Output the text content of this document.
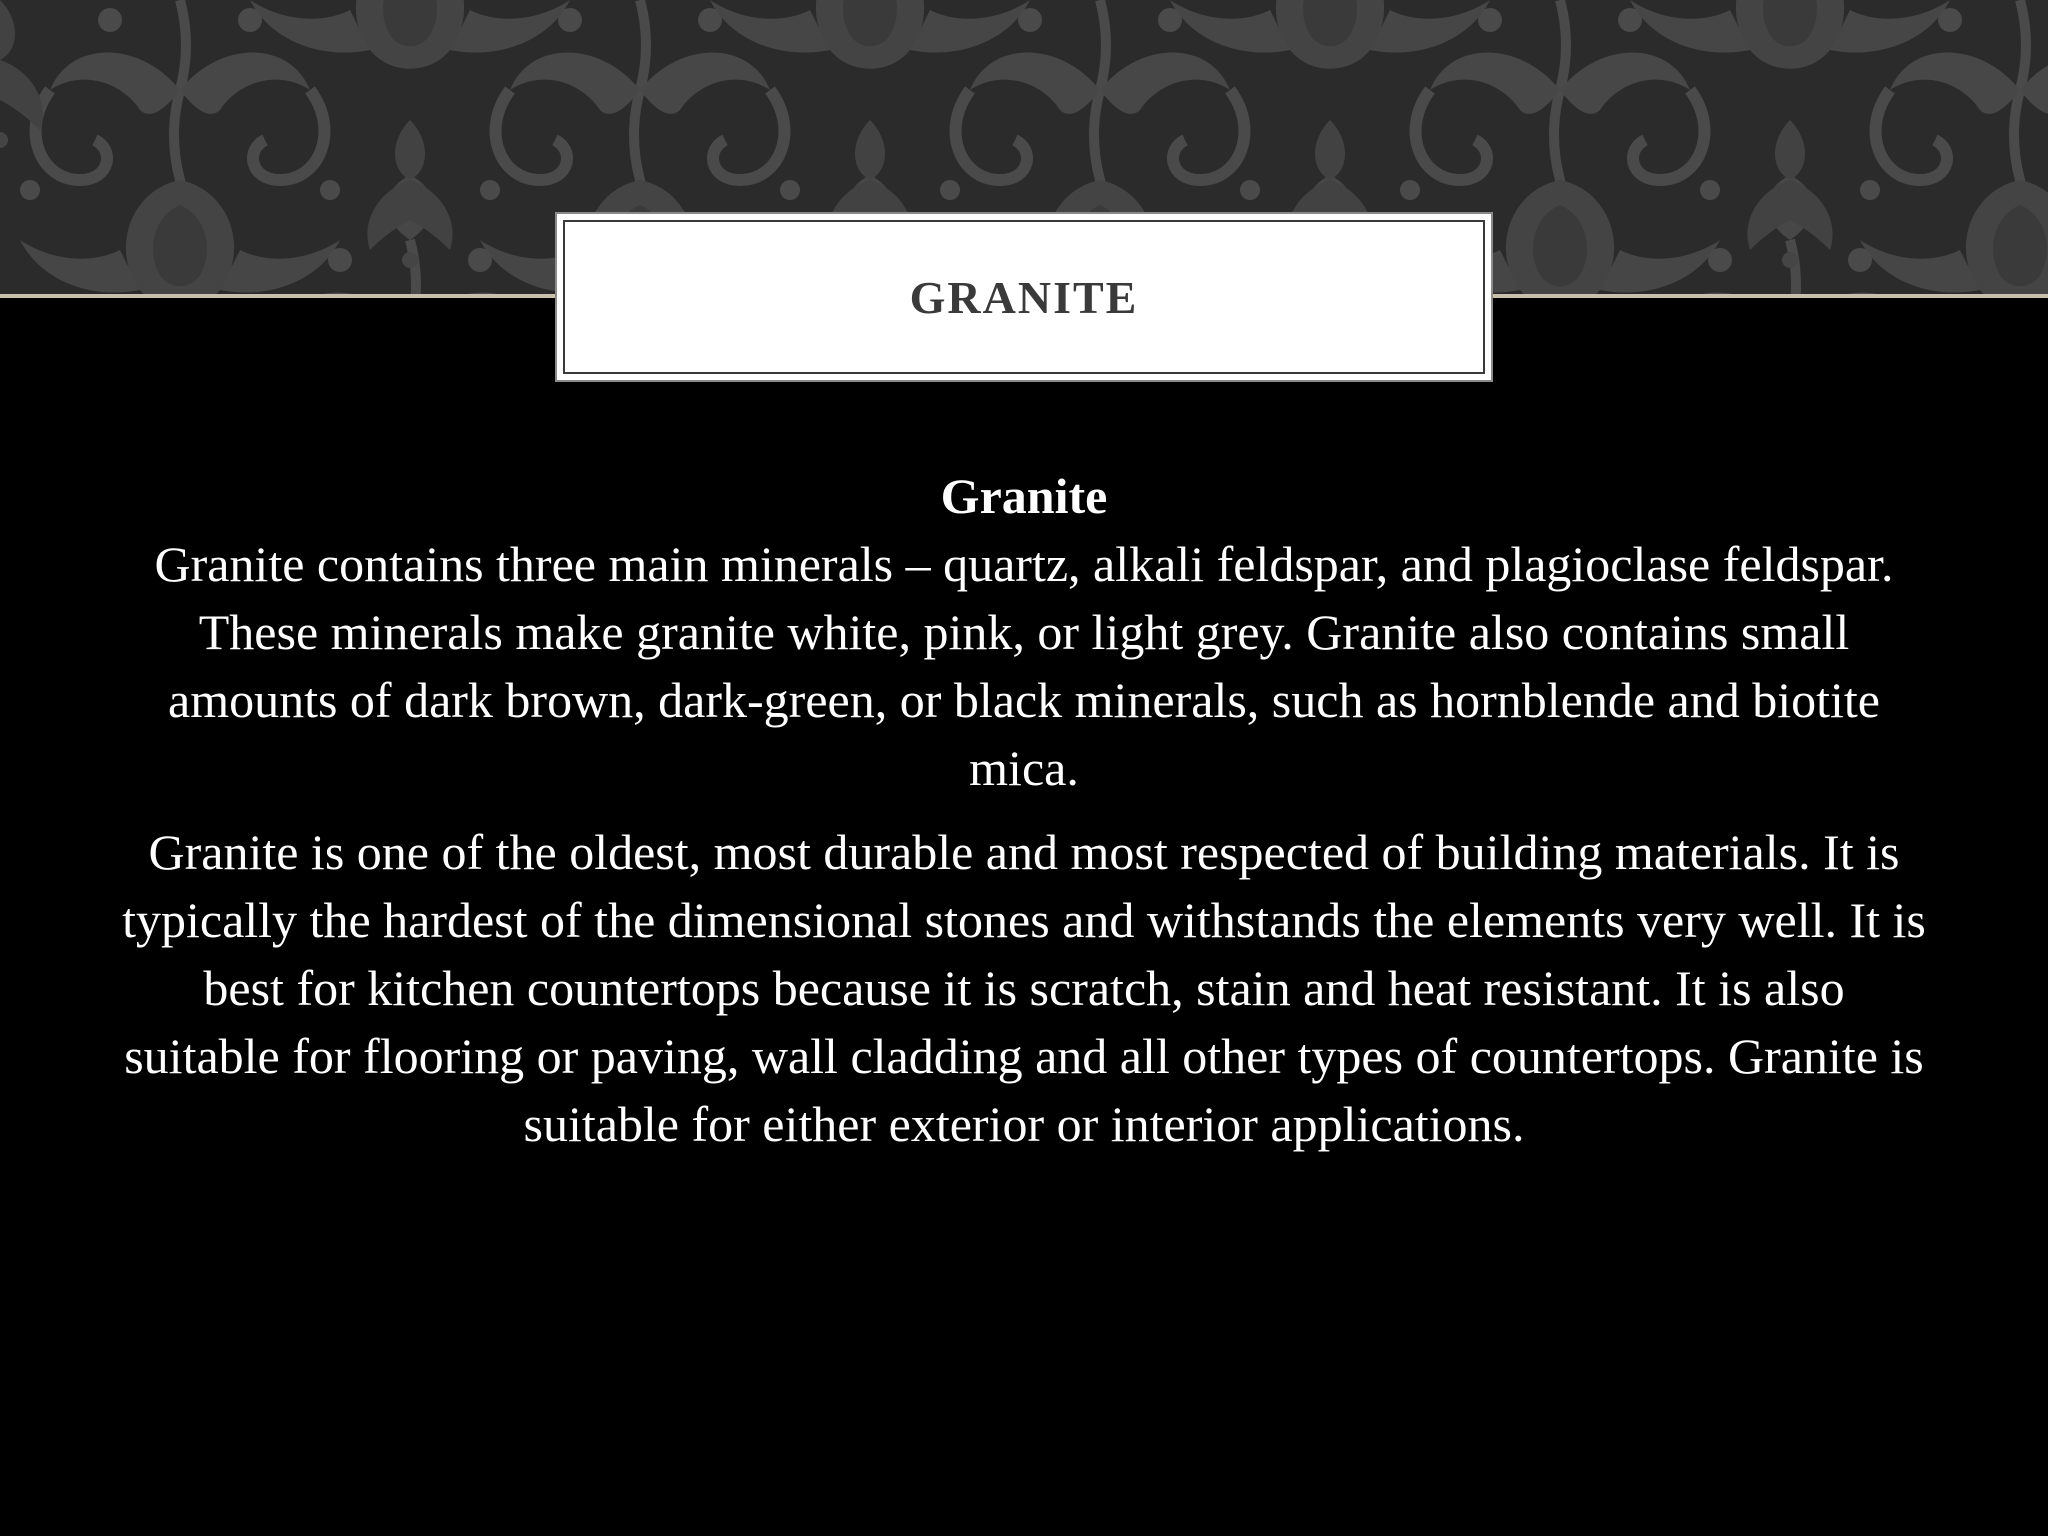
GRANITE

Granite

Granite contains three main minerals – quartz, alkali feldspar, and plagioclase feldspar. These minerals make granite white, pink, or light grey. Granite also contains small amounts of dark brown, dark-green, or black minerals, such as hornblende and biotite mica.

Granite is one of the oldest, most durable and most respected of building materials. It is typically the hardest of the dimensional stones and withstands the elements very well. It is best for kitchen countertops because it is scratch, stain and heat resistant. It is also suitable for flooring or paving, wall cladding and all other types of countertops. Granite is suitable for either exterior or interior applications.
